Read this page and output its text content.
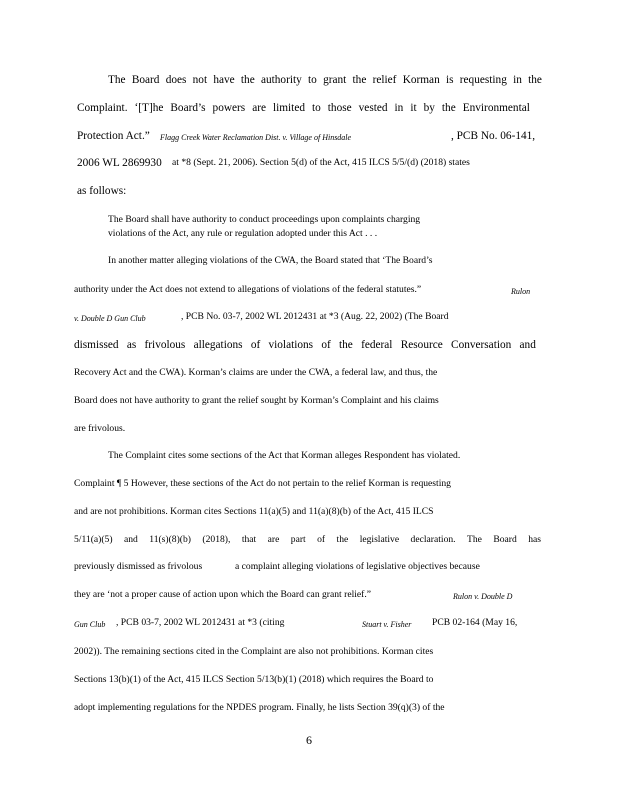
The Board does not have the authority to grant the relief Korman is requesting in the
Complaint. ‘[T]he Board’s powers are limited to those vested in it by the Environmental
Protection Act.” Flagg Creek Water Reclamation Dist. v. Village of Hinsdale	, PCB No. 06-141,
2006 WL 2869930 at *8 (Sept. 21, 2006). Section 5(d) of the Act, 415 ILCS 5/5/(d) (2018) states
as follows:
The Board shall have authority to conduct proceedings upon complaints charging
violations of the Act, any rule or regulation adopted under this Act . . .
In another matter alleging violations of the CWA, the Board stated that ‘The Board’s
authority under the Act does not extend to allegations of violations of the federal statutes.”	Rulon
v. Double D Gun Club	, PCB No. 03-7, 2002 WL 2012431 at *3 (Aug. 22, 2002) (The Board
dismissed as frivolous allegations of violations of the federal Resource Conversation and
Recovery Act and the CWA). Korman’s claims are under the CWA, a federal law, and thus, the
Board does not have authority to grant the relief sought by Korman’s Complaint and his claims
are frivolous.
The Complaint cites some sections of the Act that Korman alleges Respondent has violated.
Complaint ¶ 5 However, these sections of the Act do not pertain to the relief Korman is requesting
and are not prohibitions. Korman cites Sections 11(a)(5) and 11(a)(8)(b) of the Act, 415 ILCS
5/11(a)(5) and 11(s)(8)(b) (2018), that are part of the legislative declaration. The Board has
previously dismissed as frivolous	a complaint alleging violations of legislative objectives because
they are ‘not a proper cause of action upon which the Board can grant relief.”	Rulon v. Double D
Gun Club , PCB 03-7, 2002 WL 2012431 at *3 (citing	Stuart v. Fisher PCB 02-164 (May 16,
2002)). The remaining sections cited in the Complaint are also not prohibitions. Korman cites
Sections 13(b)(1) of the Act, 415 ILCS Section 5/13(b)(1) (2018) which requires the Board to
adopt implementing regulations for the NPDES program. Finally, he lists Section 39(q)(3) of the
6
